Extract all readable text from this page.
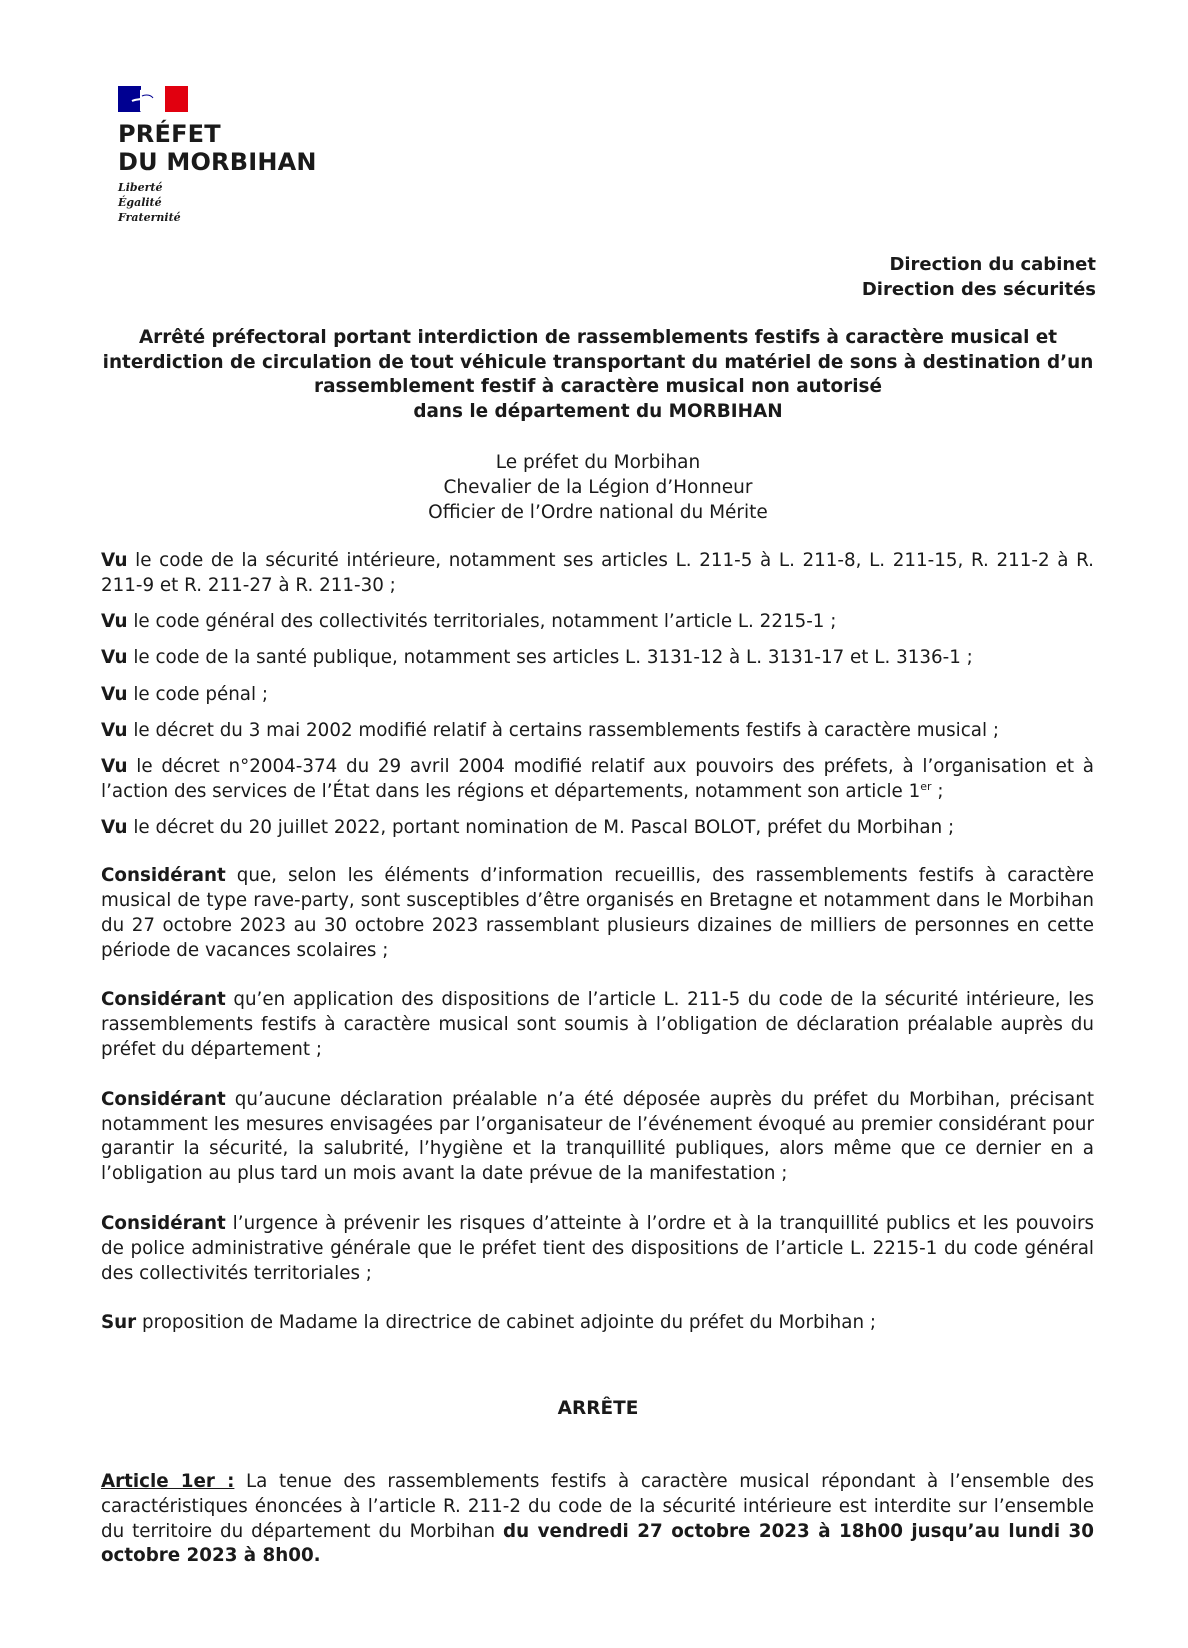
PRÉFET
DU MORBIHAN
Liberté
Égalité
Fraternité
Direction du cabinet
Direction des sécurités
Arrêté préfectoral portant interdiction de rassemblements festifs à caractère musical et
interdiction de circulation de tout véhicule transportant du matériel de sons à destination d’un
rassemblement festif à caractère musical non autorisé
dans le département du MORBIHAN
Le préfet du Morbihan
Chevalier de la Légion d’Honneur
Officier de l’Ordre national du Mérite

Vu le code de la sécurité intérieure, notamment ses articles L. 211-5 à L. 211-8, L. 211-15, R. 211-2 à R. 211-9 et R. 211-27 à R. 211-30 ;

Vu le code général des collectivités territoriales, notamment l’article L. 2215-1 ;

Vu le code de la santé publique, notamment ses articles L. 3131-12 à L. 3131-17 et L. 3136-1 ;

Vu le code pénal ;

Vu le décret du 3 mai 2002 modifié relatif à certains rassemblements festifs à caractère musical ;

Vu le décret n°2004-374 du 29 avril 2004 modifié relatif aux pouvoirs des préfets, à l’organisation et à l’action des services de l’État dans les régions et départements, notamment son article 1er ;

Vu le décret du 20 juillet 2022, portant nomination de M. Pascal BOLOT, préfet du Morbihan ;

Considérant que, selon les éléments d’information recueillis, des rassemblements festifs à caractère musical de type rave-party, sont susceptibles d’être organisés en Bretagne et notamment dans le Morbihan du 27 octobre 2023 au 30 octobre 2023 rassemblant plusieurs dizaines de milliers de personnes en cette période de vacances scolaires ;

Considérant qu’en application des dispositions de l’article L. 211-5 du code de la sécurité intérieure, les rassemblements festifs à caractère musical sont soumis à l’obligation de déclaration préalable auprès du préfet du département ;

Considérant qu’aucune déclaration préalable n’a été déposée auprès du préfet du Morbihan, précisant notamment les mesures envisagées par l’organisateur de l’événement évoqué au premier considérant pour garantir la sécurité, la salubrité, l’hygiène et la tranquillité publiques, alors même que ce dernier en a l’obligation au plus tard un mois avant la date prévue de la manifestation ;

Considérant l’urgence à prévenir les risques d’atteinte à l’ordre et à la tranquillité publics et les pouvoirs de police administrative générale que le préfet tient des dispositions de l’article L. 2215-1 du code général des collectivités territoriales ;

Sur proposition de Madame la directrice de cabinet adjointe du préfet du Morbihan ;

ARRÊTE
Article 1er : La tenue des rassemblements festifs à caractère musical répondant à l’ensemble des caractéristiques énoncées à l’article R. 211-2 du code de la sécurité intérieure est interdite sur l’ensemble du territoire du département du Morbihan du vendredi 27 octobre 2023 à 18h00 jusqu’au lundi 30 octobre 2023 à 8h00.
